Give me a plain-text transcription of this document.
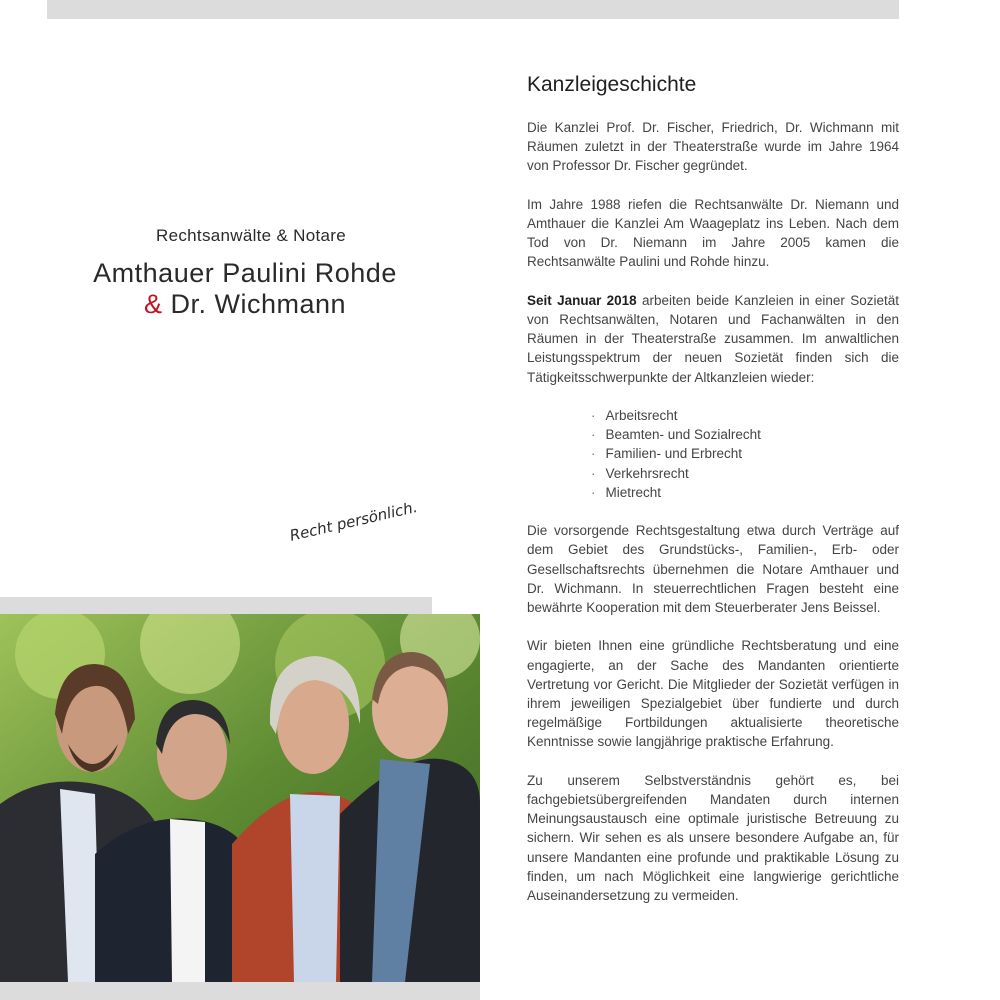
Rechtsanwälte & Notare
Amthauer Paulini Rohde
& Dr. Wichmann
Recht persönlich.
Kanzleigeschichte

Die Kanzlei Prof. Dr. Fischer, Friedrich, Dr. Wichmann mit Räumen zuletzt in der Theaterstraße wurde im Jahre 1964 von Professor Dr. Fischer gegründet.

Im Jahre 1988 riefen die Rechtsanwälte Dr. Niemann und Amthauer die Kanzlei Am Waageplatz ins Leben. Nach dem Tod von Dr. Niemann im Jahre 2005 kamen die Rechtsanwälte Paulini und Rohde hinzu.

Seit Januar 2018 arbeiten beide Kanzleien in einer Sozietät von Rechtsanwälten, Notaren und Fachanwälten in den Räumen in der Theaterstraße zusammen. Im anwaltlichen Leistungsspektrum der neuen Sozietät finden sich die Tätigkeitsschwerpunkte der Altkanzleien wieder:

· Arbeitsrecht
· Beamten- und Sozialrecht
· Familien- und Erbrecht
· Verkehrsrecht
· Mietrecht

Die vorsorgende Rechtsgestaltung etwa durch Verträge auf dem Gebiet des Grundstücks-, Familien-, Erb- oder Gesellschaftsrechts übernehmen die Notare Amthauer und Dr. Wichmann. In steuerrechtlichen Fragen besteht eine bewährte Kooperation mit dem Steuerberater Jens Beissel.

Wir bieten Ihnen eine gründliche Rechtsberatung und eine engagierte, an der Sache des Mandanten orientierte Vertretung vor Gericht. Die Mitglieder der Sozietät verfügen in ihrem jeweiligen Spezialgebiet über fundierte und durch regelmäßige Fortbildungen aktualisierte theoretische Kenntnisse sowie langjährige praktische Erfahrung.

Zu unserem Selbstverständnis gehört es, bei fachgebietsübergreifenden Mandaten durch internen Meinungsaustausch eine optimale juristische Betreuung zu sichern. Wir sehen es als unsere besondere Aufgabe an, für unsere Mandanten eine profunde und praktikable Lösung zu finden, um nach Möglichkeit eine langwierige gerichtliche Auseinandersetzung zu vermeiden.
